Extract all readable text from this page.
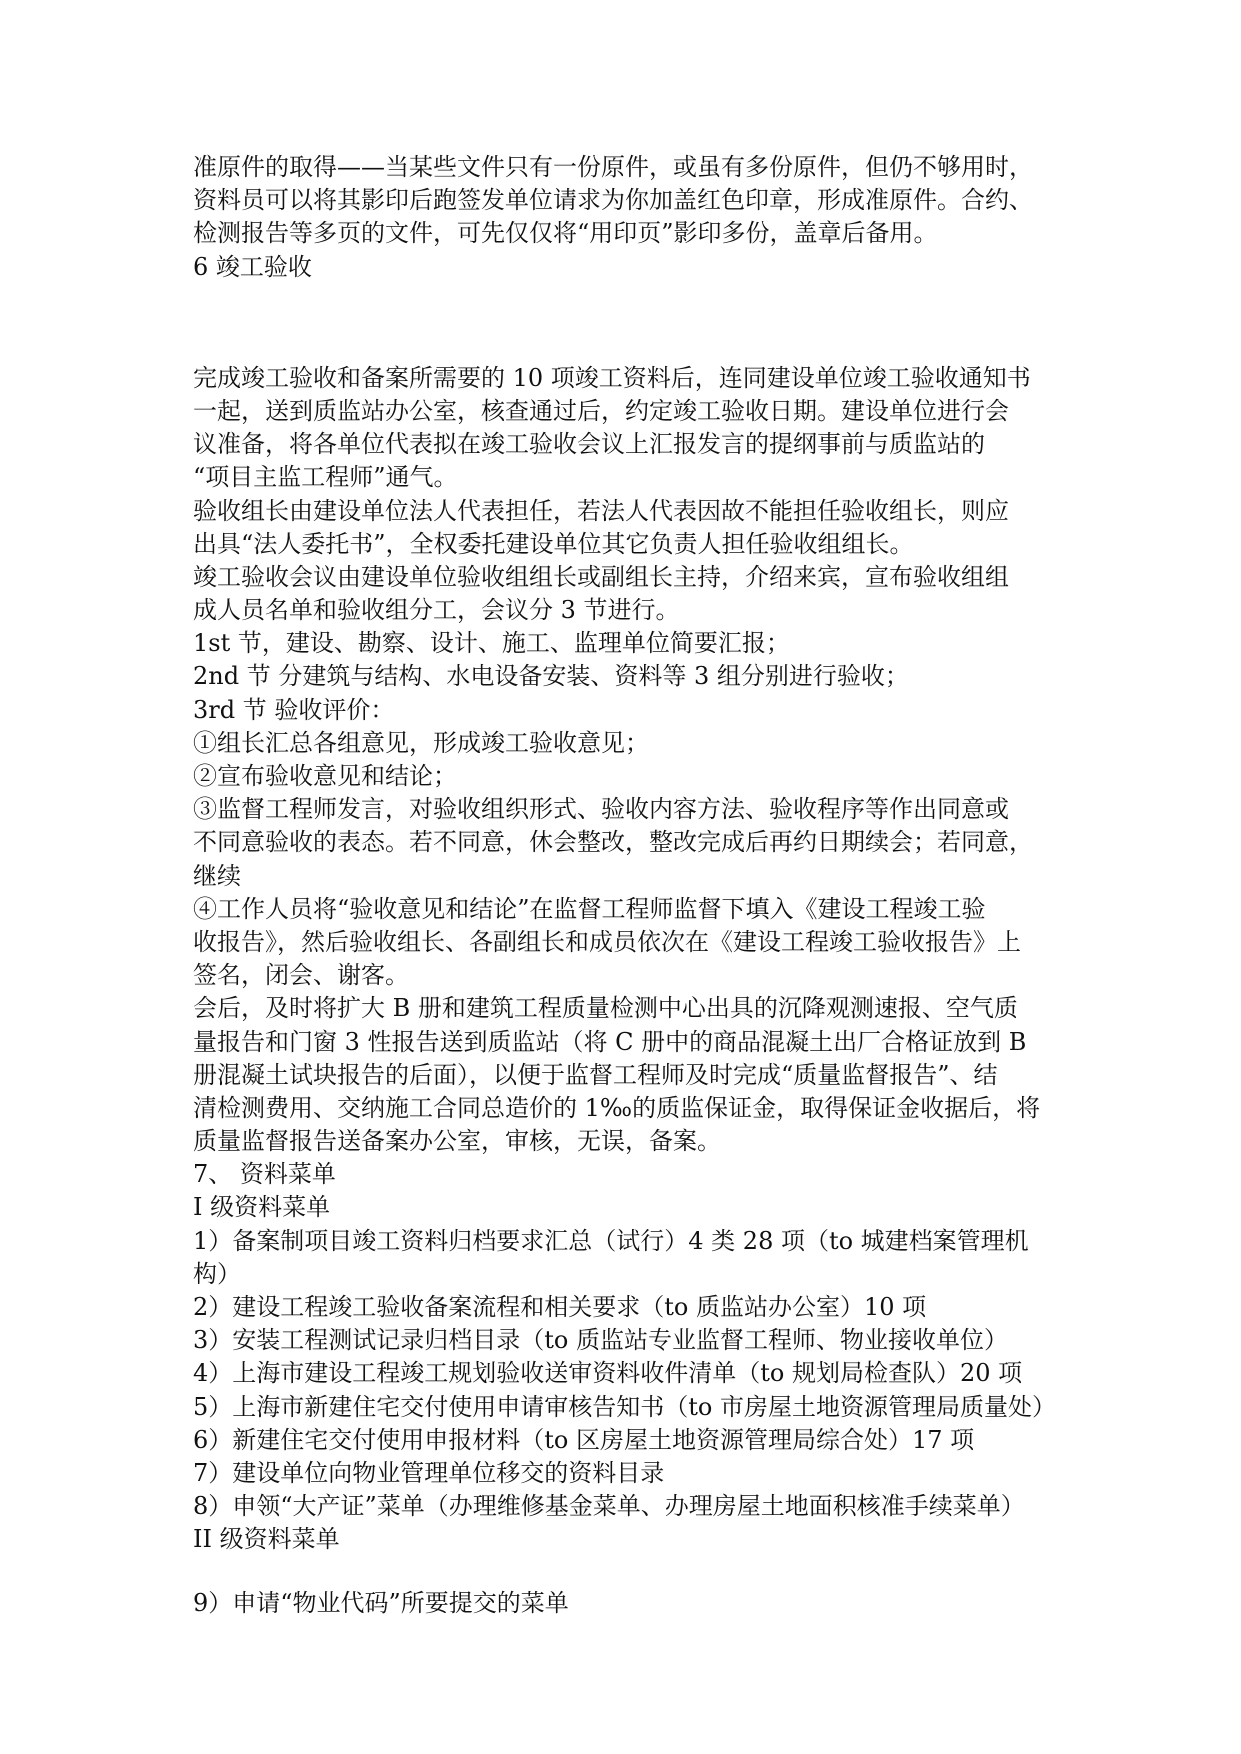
准原件的取得——当某些文件只有一份原件，或虽有多份原件，但仍不够用时，
资料员可以将其影印后跑签发单位请求为你加盖红色印章，形成准原件。合约、
检测报告等多页的文件，可先仅仅将“用印页”影印多份，盖章后备用。
6 竣工验收
完成竣工验收和备案所需要的 10 项竣工资料后，连同建设单位竣工验收通知书
一起，送到质监站办公室，核查通过后，约定竣工验收日期。建设单位进行会
议准备，将各单位代表拟在竣工验收会议上汇报发言的提纲事前与质监站的
“项目主监工程师”通气。
验收组长由建设单位法人代表担任，若法人代表因故不能担任验收组长，则应
出具“法人委托书”，全权委托建设单位其它负责人担任验收组组长。
竣工验收会议由建设单位验收组组长或副组长主持，介绍来宾，宣布验收组组
成人员名单和验收组分工，会议分 3 节进行。
1st 节，建设、勘察、设计、施工、监理单位简要汇报；
2nd 节 分建筑与结构、水电设备安装、资料等 3 组分别进行验收；
3rd 节 验收评价：
①组长汇总各组意见，形成竣工验收意见；
②宣布验收意见和结论；
③监督工程师发言，对验收组织形式、验收内容方法、验收程序等作出同意或
不同意验收的表态。若不同意，休会整改，整改完成后再约日期续会；若同意，
继续
④工作人员将“验收意见和结论”在监督工程师监督下填入《建设工程竣工验
收报告》，然后验收组长、各副组长和成员依次在《建设工程竣工验收报告》上
签名，闭会、谢客。
会后，及时将扩大 B 册和建筑工程质量检测中心出具的沉降观测速报、空气质
量报告和门窗 3 性报告送到质监站（将 C 册中的商品混凝土出厂合格证放到 B
册混凝土试块报告的后面），以便于监督工程师及时完成“质量监督报告”、结
清检测费用、交纳施工合同总造价的 1‰的质监保证金，取得保证金收据后，将
质量监督报告送备案办公室，审核，无误，备案。
7、 资料菜单
I 级资料菜单
1）备案制项目竣工资料归档要求汇总（试行）4 类 28 项（to 城建档案管理机
构）
2）建设工程竣工验收备案流程和相关要求（to 质监站办公室）10 项
3）安装工程测试记录归档目录（to 质监站专业监督工程师、物业接收单位）
4）上海市建设工程竣工规划验收送审资料收件清单（to 规划局检查队）20 项
5）上海市新建住宅交付使用申请审核告知书（to 市房屋土地资源管理局质量处）
6）新建住宅交付使用申报材料（to 区房屋土地资源管理局综合处）17 项
7）建设单位向物业管理单位移交的资料目录
8）申领“大产证”菜单（办理维修基金菜单、办理房屋土地面积核准手续菜单）
II 级资料菜单
9）申请“物业代码”所要提交的菜单
